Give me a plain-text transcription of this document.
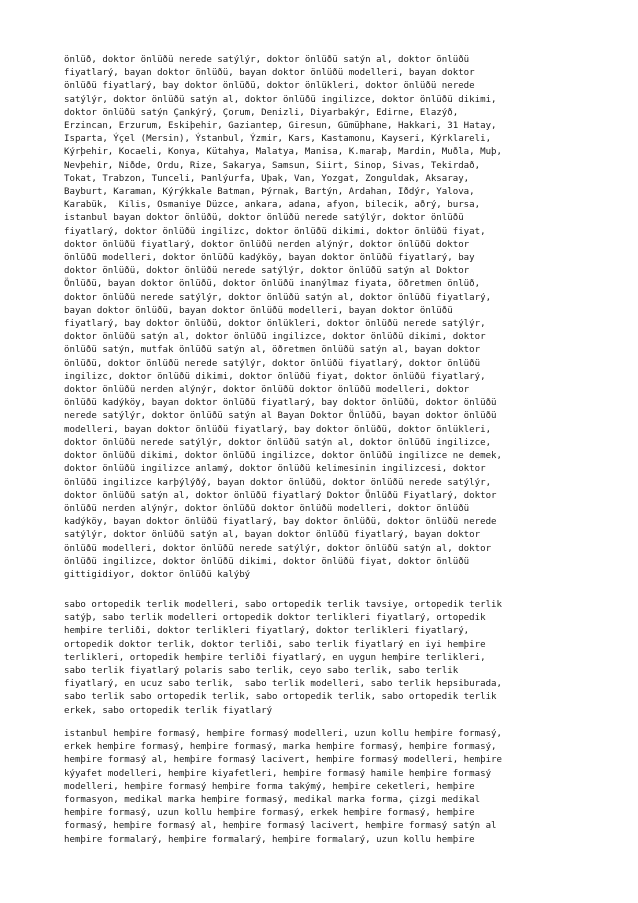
önlüð, doktor önlüðü nerede satýlýr, doktor önlüðü satýn al, doktor önlüðü
fiyatlarý, bayan doktor önlüðü, bayan doktor önlüðü modelleri, bayan doktor
önlüðü fiyatlarý, bay doktor önlüðü, doktor önlükleri, doktor önlüðü nerede
satýlýr, doktor önlüðü satýn al, doktor önlüðü ingilizce, doktor önlüðü dikimi,
doktor önlüðü satýn Çankýrý, Çorum, Denizli, Diyarbakýr, Edirne, Elazýð,
Erzincan, Erzurum, Eskiþehir, Gaziantep, Giresun, Gümüþhane, Hakkari, 31 Hatay,
Isparta, Ýçel (Mersin), Ýstanbul, Ýzmir, Kars, Kastamonu, Kayseri, Kýrklareli,
Kýrþehir, Kocaeli, Konya, Kütahya, Malatya, Manisa, K.maraþ, Mardin, Muðla, Muþ,
Nevþehir, Niðde, Ordu, Rize, Sakarya, Samsun, Siirt, Sinop, Sivas, Tekirdað,
Tokat, Trabzon, Tunceli, Þanlýurfa, Uþak, Van, Yozgat, Zonguldak, Aksaray,
Bayburt, Karaman, Kýrýkkale Batman, Þýrnak, Bartýn, Ardahan, Iðdýr, Yalova,
Karabük,  Kilis, Osmaniye Düzce, ankara, adana, afyon, bilecik, aðrý, bursa,
istanbul bayan doktor önlüðü, doktor önlüðü nerede satýlýr, doktor önlüðü
fiyatlarý, doktor önlüðü ingilizc, doktor önlüðü dikimi, doktor önlüðü fiyat,
doktor önlüðü fiyatlarý, doktor önlüðü nerden alýnýr, doktor önlüðü doktor
önlüðü modelleri, doktor önlüðü kadýköy, bayan doktor önlüðü fiyatlarý, bay
doktor önlüðü, doktor önlüðü nerede satýlýr, doktor önlüðü satýn al Doktor
Önlüðü, bayan doktor önlüðü, doktor önlüðü inanýlmaz fiyata, öðretmen önlüð,
doktor önlüðü nerede satýlýr, doktor önlüðü satýn al, doktor önlüðü fiyatlarý,
bayan doktor önlüðü, bayan doktor önlüðü modelleri, bayan doktor önlüðü
fiyatlarý, bay doktor önlüðü, doktor önlükleri, doktor önlüðü nerede satýlýr,
doktor önlüðü satýn al, doktor önlüðü ingilizce, doktor önlüðü dikimi, doktor
önlüðü satýn, mutfak önlüðü satýn al, öðretmen önlüðü satýn al, bayan doktor
önlüðü, doktor önlüðü nerede satýlýr, doktor önlüðü fiyatlarý, doktor önlüðü
ingilizc, doktor önlüðü dikimi, doktor önlüðü fiyat, doktor önlüðü fiyatlarý,
doktor önlüðü nerden alýnýr, doktor önlüðü doktor önlüðü modelleri, doktor
önlüðü kadýköy, bayan doktor önlüðü fiyatlarý, bay doktor önlüðü, doktor önlüðü
nerede satýlýr, doktor önlüðü satýn al Bayan Doktor Önlüðü, bayan doktor önlüðü
modelleri, bayan doktor önlüðü fiyatlarý, bay doktor önlüðü, doktor önlükleri,
doktor önlüðü nerede satýlýr, doktor önlüðü satýn al, doktor önlüðü ingilizce,
doktor önlüðü dikimi, doktor önlüðü ingilizce, doktor önlüðü ingilizce ne demek,
doktor önlüðü ingilizce anlamý, doktor önlüðü kelimesinin ingilizcesi, doktor
önlüðü ingilizce karþýlýðý, bayan doktor önlüðü, doktor önlüðü nerede satýlýr,
doktor önlüðü satýn al, doktor önlüðü fiyatlarý Doktor Önlüðü Fiyatlarý, doktor
önlüðü nerden alýnýr, doktor önlüðü doktor önlüðü modelleri, doktor önlüðü
kadýköy, bayan doktor önlüðü fiyatlarý, bay doktor önlüðü, doktor önlüðü nerede
satýlýr, doktor önlüðü satýn al, bayan doktor önlüðü fiyatlarý, bayan doktor
önlüðü modelleri, doktor önlüðü nerede satýlýr, doktor önlüðü satýn al, doktor
önlüðü ingilizce, doktor önlüðü dikimi, doktor önlüðü fiyat, doktor önlüðü
gittigidiyor, doktor önlüðü kalýbý

sabo ortopedik terlik modelleri, sabo ortopedik terlik tavsiye, ortopedik terlik
satýþ, sabo terlik modelleri ortopedik doktor terlikleri fiyatlarý, ortopedik
hemþire terliði, doktor terlikleri fiyatlarý, doktor terlikleri fiyatlarý,
ortopedik doktor terlik, doktor terliði, sabo terlik fiyatlarý en iyi hemþire
terlikleri, ortopedik hemþire terliði fiyatlarý, en uygun hemþire terlikleri,
sabo terlik fiyatlarý polaris sabo terlik, ceyo sabo terlik, sabo terlik
fiyatlarý, en ucuz sabo terlik,  sabo terlik modelleri, sabo terlik hepsiburada,
sabo terlik sabo ortopedik terlik, sabo ortopedik terlik, sabo ortopedik terlik
erkek, sabo ortopedik terlik fiyatlarý

istanbul hemþire formasý, hemþire formasý modelleri, uzun kollu hemþire formasý,
erkek hemþire formasý, hemþire formasý, marka hemþire formasý, hemþire formasý,
hemþire formasý al, hemþire formasý lacivert, hemþire formasý modelleri, hemþire
kýyafet modelleri, hemþire kiyafetleri, hemþire formasý hamile hemþire formasý
modelleri, hemþire formasý hemþire forma takýmý, hemþire ceketleri, hemþire
formasyon, medikal marka hemþire formasý, medikal marka forma, çizgi medikal
hemþire formasý, uzun kollu hemþire formasý, erkek hemþire formasý, hemþire
formasý, hemþire formasý al, hemþire formasý lacivert, hemþire formasý satýn al
hemþire formalarý, hemþire formalarý, hemþire formalarý, uzun kollu hemþire
